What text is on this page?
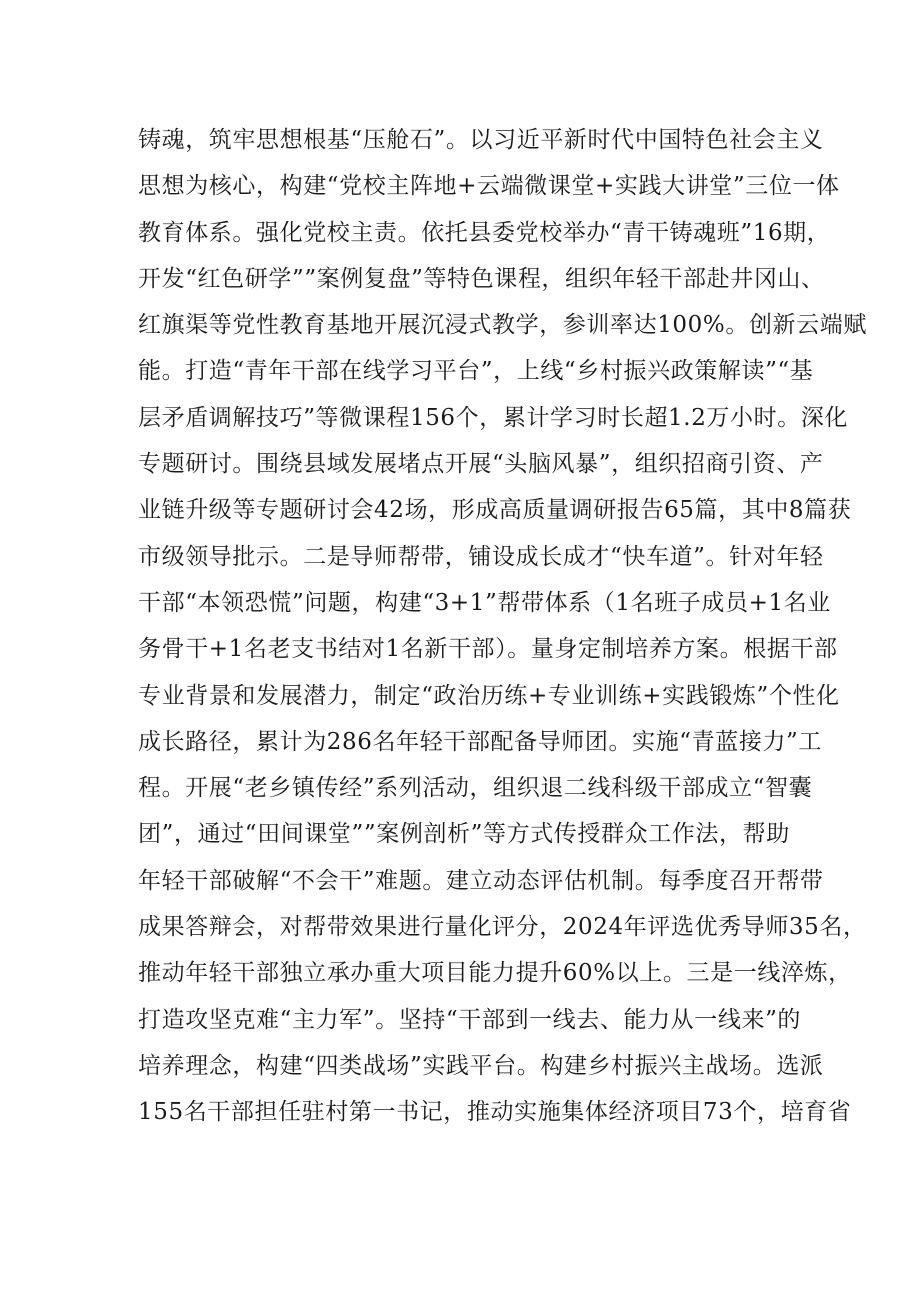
铸魂，筑牢思想根基“压舱石”。以习近平新时代中国特色社会主义
思想为核心，构建“党校主阵地+云端微课堂+实践大讲堂”三位一体
教育体系。强化党校主责。依托县委党校举办“青干铸魂班”16期，
开发“红色研学””案例复盘”等特色课程，组织年轻干部赴井冈山、
红旗渠等党性教育基地开展沉浸式教学，参训率达100%。创新云端赋
能。打造“青年干部在线学习平台”，上线“乡村振兴政策解读”“基
层矛盾调解技巧”等微课程156个，累计学习时长超1.2万小时。深化
专题研讨。围绕县域发展堵点开展“头脑风暴”，组织招商引资、产
业链升级等专题研讨会42场，形成高质量调研报告65篇，其中8篇获
市级领导批示。二是导师帮带，铺设成长成才“快车道”。针对年轻
干部“本领恐慌”问题，构建“3+1”帮带体系（1名班子成员+1名业
务骨干+1名老支书结对1名新干部）。量身定制培养方案。根据干部
专业背景和发展潜力，制定“政治历练+专业训练+实践锻炼”个性化
成长路径，累计为286名年轻干部配备导师团。实施“青蓝接力”工
程。开展“老乡镇传经”系列活动，组织退二线科级干部成立“智囊
团”，通过“田间课堂””案例剖析”等方式传授群众工作法，帮助
年轻干部破解“不会干”难题。建立动态评估机制。每季度召开帮带
成果答辩会，对帮带效果进行量化评分，2024年评选优秀导师35名，
推动年轻干部独立承办重大项目能力提升60%以上。三是一线淬炼，
打造攻坚克难“主力军”。坚持“干部到一线去、能力从一线来”的
培养理念，构建“四类战场”实践平台。构建乡村振兴主战场。选派
155名干部担任驻村第一书记，推动实施集体经济项目73个，培育省
